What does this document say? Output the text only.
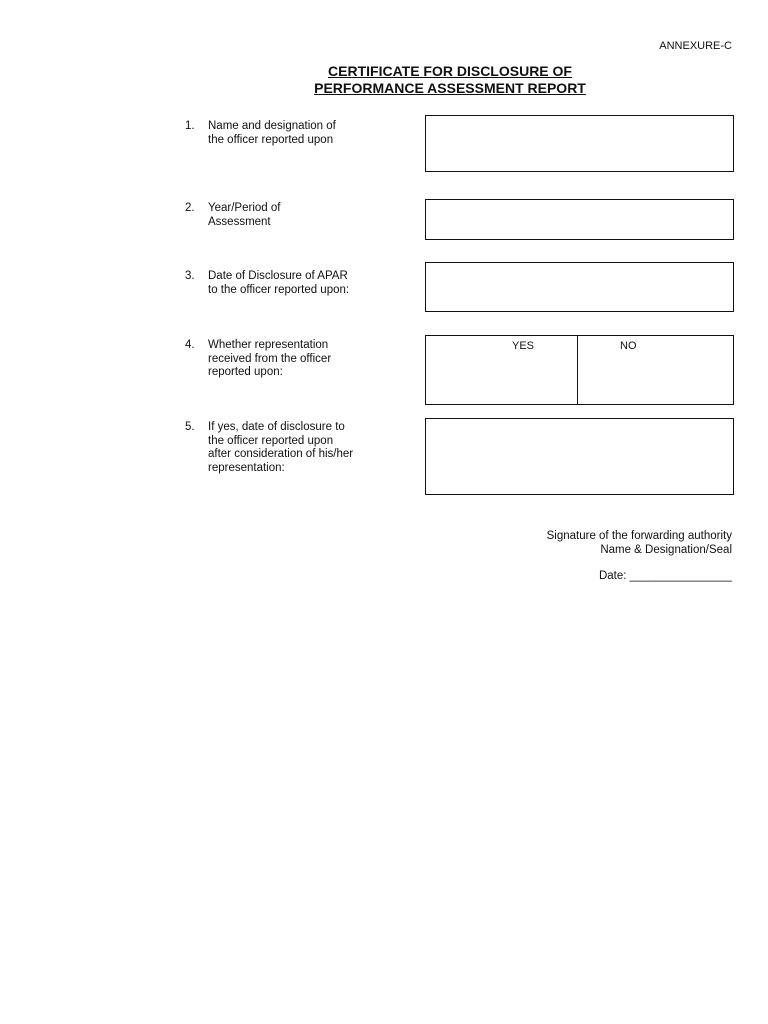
ANNEXURE-C
CERTIFICATE FOR DISCLOSURE OF
PERFORMANCE ASSESSMENT REPORT
1. Name and designation of
the officer reported upon
2. Year/Period of
Assessment
3. Date of Disclosure of APAR
to the officer reported upon:
4. Whether representation
received from the officer
reported upon:
YES	NO
5. If yes, date of disclosure to
the officer reported upon
after consideration of his/her
representation:
Signature of the forwarding authority
Name & Designation/Seal
Date: ________________
